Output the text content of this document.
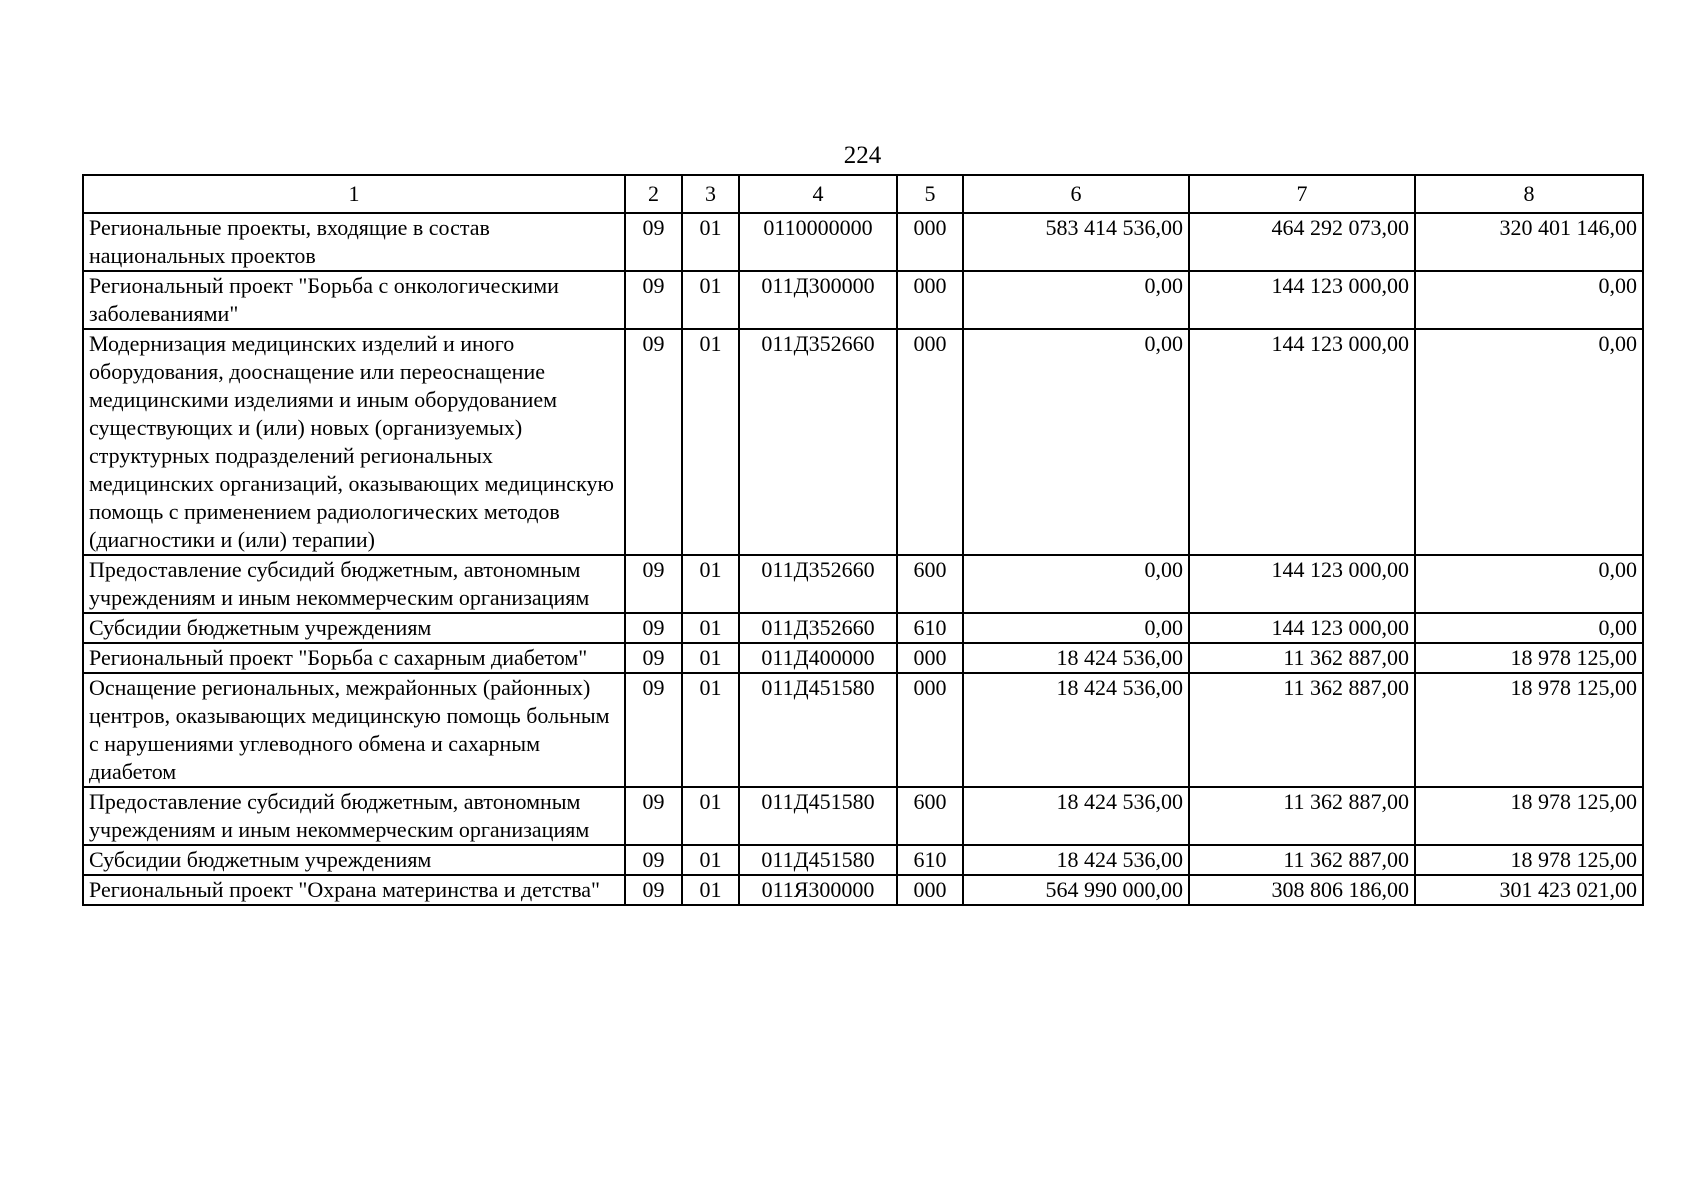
224
1	2	3	4	5	6	7	8
Региональные проекты, входящие в состав национальных проектов	09	01	0110000000	000	583 414 536,00	464 292 073,00	320 401 146,00
Региональный проект "Борьба с онкологическими заболеваниями"	09	01	011Д300000	000	0,00	144 123 000,00	0,00
Модернизация медицинских изделий и иного оборудования, дооснащение или переоснащение медицинскими изделиями и иным оборудованием существующих и (или) новых (организуемых) структурных подразделений региональных медицинских организаций, оказывающих медицинскую помощь с применением радиологических методов (диагностики и (или) терапии)	09	01	011Д352660	000	0,00	144 123 000,00	0,00
Предоставление субсидий бюджетным, автономным учреждениям и иным некоммерческим организациям	09	01	011Д352660	600	0,00	144 123 000,00	0,00
Субсидии бюджетным учреждениям	09	01	011Д352660	610	0,00	144 123 000,00	0,00
Региональный проект "Борьба с сахарным диабетом"	09	01	011Д400000	000	18 424 536,00	11 362 887,00	18 978 125,00
Оснащение региональных, межрайонных (районных) центров, оказывающих медицинскую помощь больным с нарушениями углеводного обмена и сахарным диабетом	09	01	011Д451580	000	18 424 536,00	11 362 887,00	18 978 125,00
Предоставление субсидий бюджетным, автономным учреждениям и иным некоммерческим организациям	09	01	011Д451580	600	18 424 536,00	11 362 887,00	18 978 125,00
Субсидии бюджетным учреждениям	09	01	011Д451580	610	18 424 536,00	11 362 887,00	18 978 125,00
Региональный проект "Охрана материнства и детства"	09	01	011Я300000	000	564 990 000,00	308 806 186,00	301 423 021,00
